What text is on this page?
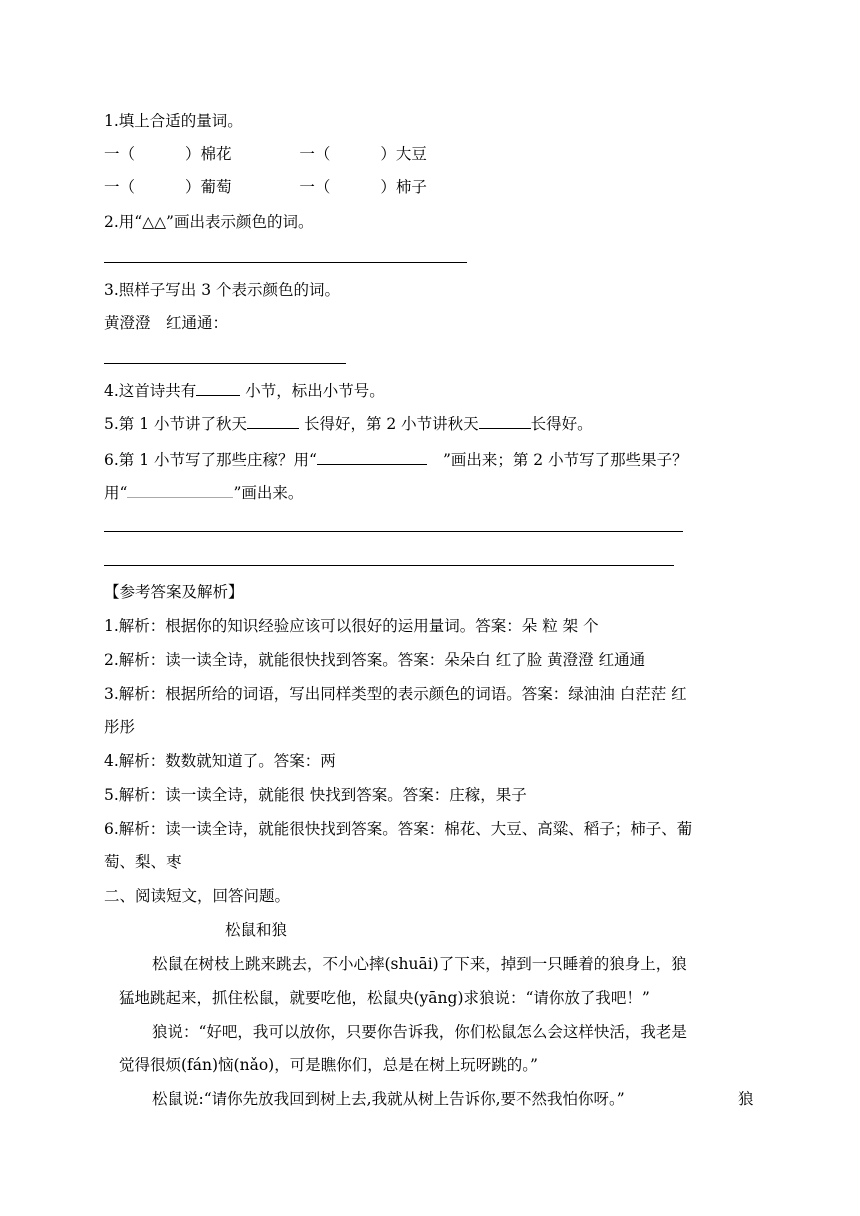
1.填上合适的量词。
一（	）棉花	一（	）大豆
一（	）葡萄	一（	）柿子
2.用“△△”画出表示颜色的词。
3.照样子写出 3 个表示颜色的词。
黄澄澄　红通通：
4.这首诗共有	小节，标出小节号。
5.第 1 小节讲了秋天	长得好，第 2 小节讲秋天	长得好。
6.第 1 小节写了那些庄稼？用“	”画出来；第 2 小节写了那些果子？
用“	”画出来。
【参考答案及解析】
1.解析：根据你的知识经验应该可以很好的运用量词。答案：朵 粒 架 个
2.解析：读一读全诗，就能很快找到答案。答案：朵朵白 红了脸 黄澄澄 红通通
3.解析：根据所给的词语，写出同样类型的表示颜色的词语。答案：绿油油 白茫茫 红
彤彤
4.解析：数数就知道了。答案：两
5.解析：读一读全诗，就能很 快找到答案。答案：庄稼，果子
6.解析：读一读全诗，就能很快找到答案。答案：棉花、大豆、高粱、稻子；柿子、葡
萄、梨、枣
二、阅读短文，回答问题。
松鼠和狼
松鼠在树枝上跳来跳去，不小心摔(shuāi)了下来，掉到一只睡着的狼身上，狼
猛地跳起来，抓住松鼠，就要吃他，松鼠央(yāng)求狼说：“请你放了我吧！”
狼说：“好吧，我可以放你，只要你告诉我，你们松鼠怎么会这样快活，我老是
觉得很烦(fán)恼(nǎo)，可是瞧你们，总是在树上玩呀跳的。”
松鼠说:“请你先放我回到树上去,我就从树上告诉你,要不然我怕你呀。”	狼
